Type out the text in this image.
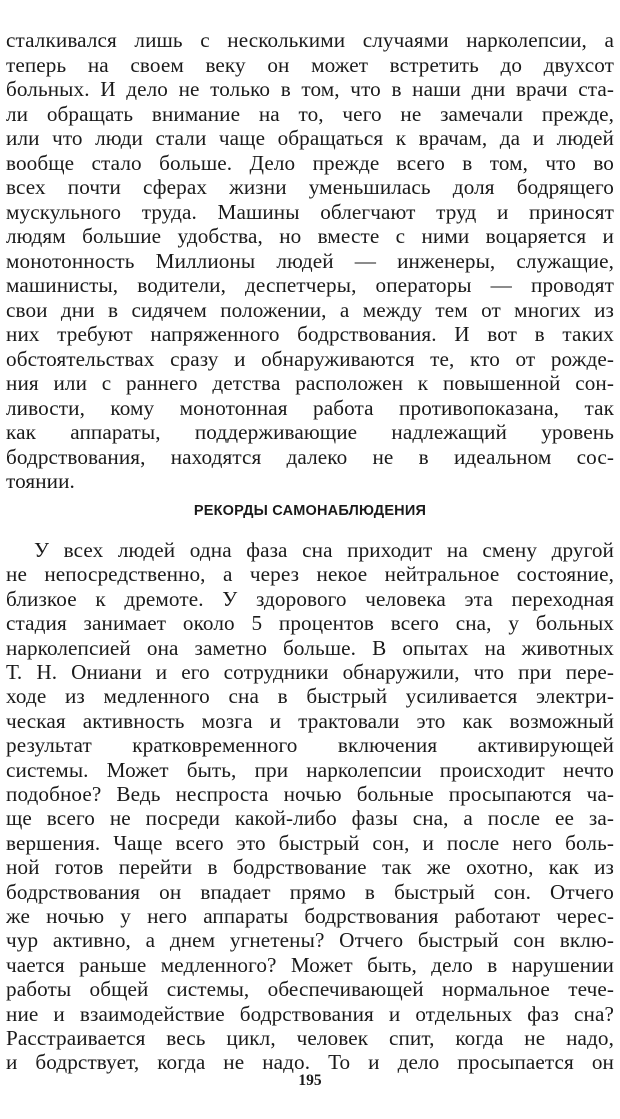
сталкивался лишь с несколькими случаями нарколепсии, а
теперь на своем веку он может встретить до двухсот
больных. И дело не только в том, что в наши дни врачи ста-
ли обращать внимание на то, чего не замечали прежде,
или что люди стали чаще обращаться к врачам, да и людей
вообще стало больше. Дело прежде всего в том, что во
всех почти сферах жизни уменьшилась доля бодрящего
мускульного труда. Машины облегчают труд и приносят
людям большие удобства, но вместе с ними воцаряется и
монотонность Миллионы людей — инженеры, служащие,
машинисты, водители, деспетчеры, операторы — проводят
свои дни в сидячем положении, а между тем от многих из
них требуют напряженного бодрствования. И вот в таких
обстоятельствах сразу и обнаруживаются те, кто от рожде-
ния или с раннего детства расположен к повышенной сон-
ливости, кому монотонная работа противопоказана, так
как аппараты, поддерживающие надлежащий уровень
бодрствования, находятся далеко не в идеальном сос-
тоянии.
РЕКОРДЫ САМОНАБЛЮДЕНИЯ
У всех людей одна фаза сна приходит на смену другой
не непосредственно, а через некое нейтральное состояние,
близкое к дремоте. У здорового человека эта переходная
стадия занимает около 5 процентов всего сна, у больных
нарколепсией она заметно больше. В опытах на животных
Т. Н. Ониани и его сотрудники обнаружили, что при пере-
ходе из медленного сна в быстрый усиливается электри-
ческая активность мозга и трактовали это как возможный
результат кратковременного включения активирующей
системы. Может быть, при нарколепсии происходит нечто
подобное? Ведь неспроста ночью больные просыпаются ча-
ще всего не посреди какой-либо фазы сна, а после ее за-
вершения. Чаще всего это быстрый сон, и после него боль-
ной готов перейти в бодрствование так же охотно, как из
бодрствования он впадает прямо в быстрый сон. Отчего
же ночью у него аппараты бодрствования работают черес-
чур активно, а днем угнетены? Отчего быстрый сон вклю-
чается раньше медленного? Может быть, дело в нарушении
работы общей системы, обеспечивающей нормальное тече-
ние и взаимодействие бодрствования и отдельных фаз сна?
Расстраивается весь цикл, человек спит, когда не надо,
и бодрствует, когда не надо. То и дело просыпается он
195
